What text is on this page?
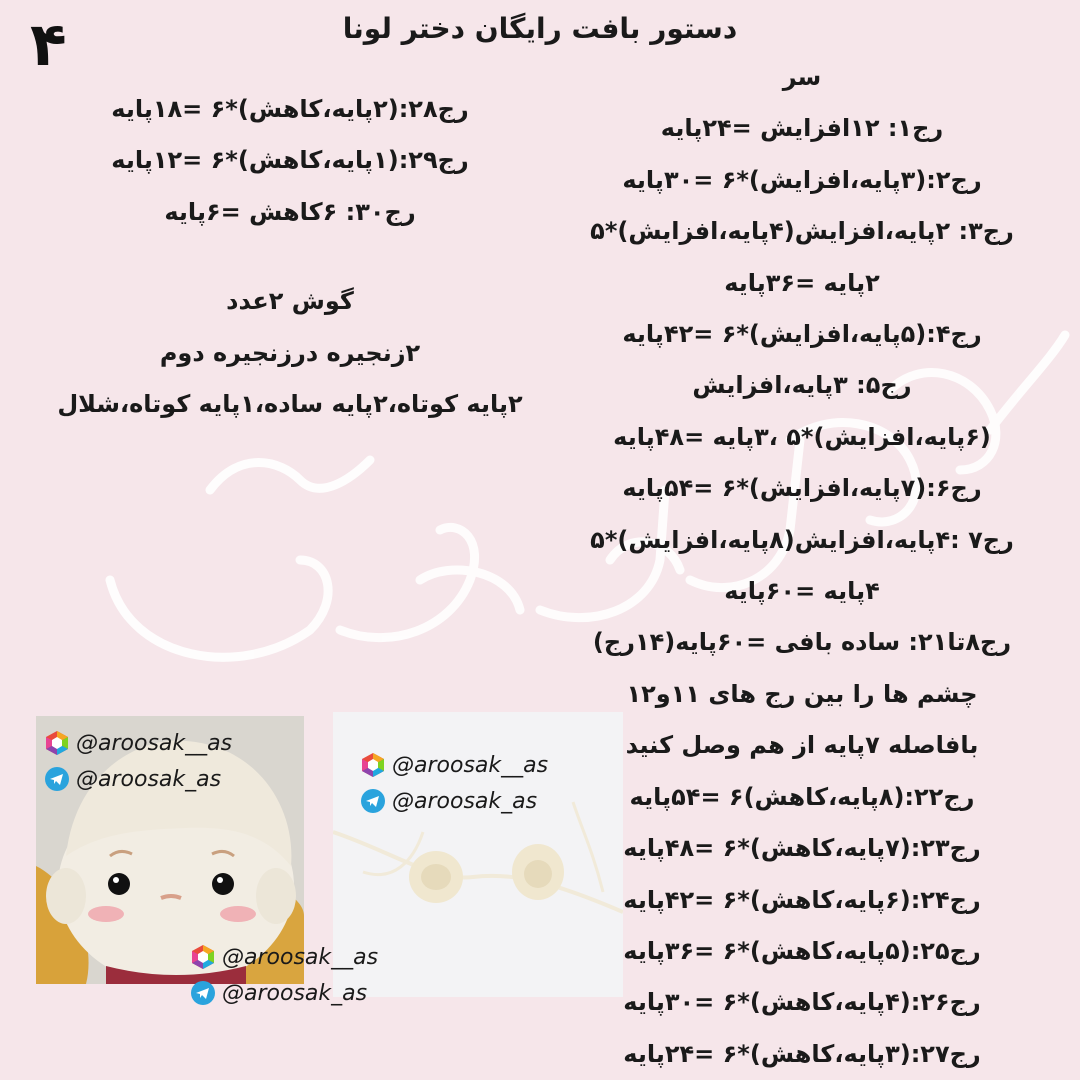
۴	دستور بافت رایگان دختر لونا
سر
رج۱: ۱۲افزایش =۲۴پایه
رج۲:(۳پایه،افزایش)*۶ =۳۰پایه
رج۳: ۲پایه،افزایش(۴پایه،افزایش)*۵
۲پایه =۳۶پایه
رج۴:(۵پایه،افزایش)*۶ =۴۲پایه
رج۵: ۳پایه،افزایش
(۶پایه،افزایش)*۵ ،۳پایه =۴۸پایه
رج۶:(۷پایه،افزایش)*۶ =۵۴پایه
رج۷ :۴پایه،افزایش(۸پایه،افزایش)*۵
۴پایه =۶۰پایه
رج۸تا۲۱: ساده بافی =۶۰پایه(۱۴رج)
چشم ها را بین رج های ۱۱و۱۲
بافاصله ۷پایه از هم وصل کنید
رج۲۲:(۸پایه،کاهش)۶ =۵۴پایه
رج۲۳:(۷پایه،کاهش)*۶ =۴۸پایه
رج۲۴:(۶پایه،کاهش)*۶ =۴۲پایه
رج۲۵:(۵پایه،کاهش)*۶ =۳۶پایه
رج۲۶:(۴پایه،کاهش)*۶ =۳۰پایه
رج۲۷:(۳پایه،کاهش)*۶ =۲۴پایه
رج۲۸:(۲پایه،کاهش)*۶ =۱۸پایه
رج۲۹:(۱پایه،کاهش)*۶ =۱۲پایه
رج۳۰: ۶کاهش =۶پایه
گوش ۲عدد
۲زنجیره درزنجیره دوم
۲پایه کوتاه،۲پایه ساده،۱پایه کوتاه،شلال
@aroosak__as
@aroosak_as
@aroosak__as
@aroosak_as
@aroosak__as
@aroosak_as
